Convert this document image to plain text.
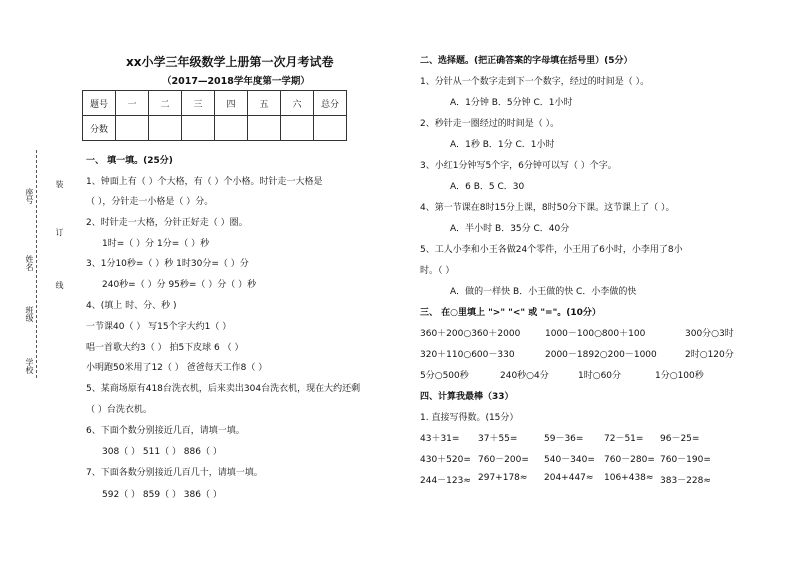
座号
姓名
班级
学校
装
订
线
xx小学三年级数学上册第一次月考试卷
（2017—2018学年度第一学期）
题号	一	二	三	四	五	六	总分
分数							
一、 填一填。(25分)
1、钟面上有（ ）个大格，有（ ）个小格。时针走一大格是
（ ），分针走一小格是（ ）分。
2、时针走一大格，分针正好走（ ）圈。
1时=（ ）分 1分=（ ）秒
3、1分10秒=（ ）秒 1时30分=（ ）分
240秒=（ ）分 95秒=（ ）分（ ）秒
4、(填上 时、分、秒 )
一节课40（ ） 写15个字大约1（ ）
唱一首歌大约3（ ） 拍5下皮球 6 （ ）
小明跑50米用了12（ ） 爸爸每天工作8（ ）
5、某商场原有418台洗衣机，后来卖出304台洗衣机，现在大约还剩
（ ）台洗衣机。
6、下面个数分别接近几百，请填一填。
308（ ） 511（ ） 886（ ）
7、下面各数分别接近几百几十，请填一填。
592（ ） 859（ ） 386（ ）
二、选择题。(把正确答案的字母填在括号里）(5分）
1、分针从一个数字走到下一个数字，经过的时间是（ ）。
A．1分钟 B．5分钟 C．1小时
2、秒针走一圈经过的时间是（ ）。
A．1秒 B．1分 C．1小时
3、小红1分钟写5个字，6分钟可以写（ ）个字。
A．6 B．5 C．30
4、第一节课在8时15分上课，8时50分下课。这节课上了（ ）。
A．半小时 B．35分 C．40分
5、工人小李和小王各做24个零件，小王用了6小时，小李用了8小
时。（ ）
A．做的一样快 B．小王做的快 C．小李做的快
三、 在○里填上 ">" "<" 或 "="。(10分）
360＋200○360＋2000	1000－100○800＋100	300分○3时
320＋110○600－330	2000－1892○200－1000	2时○120分
5分○500秒	240秒○4分	1时○60分	1分○100秒
四、计算我最棒（33）
1. 直接写得数。(15分）
43＋31= 37＋55=	59－36= 72－51= 96－25=
430＋520= 760－200= 540－340= 760－280= 760－190=
244－123≈ 297+178≈ 204+447≈ 106+438≈ 383－228≈
